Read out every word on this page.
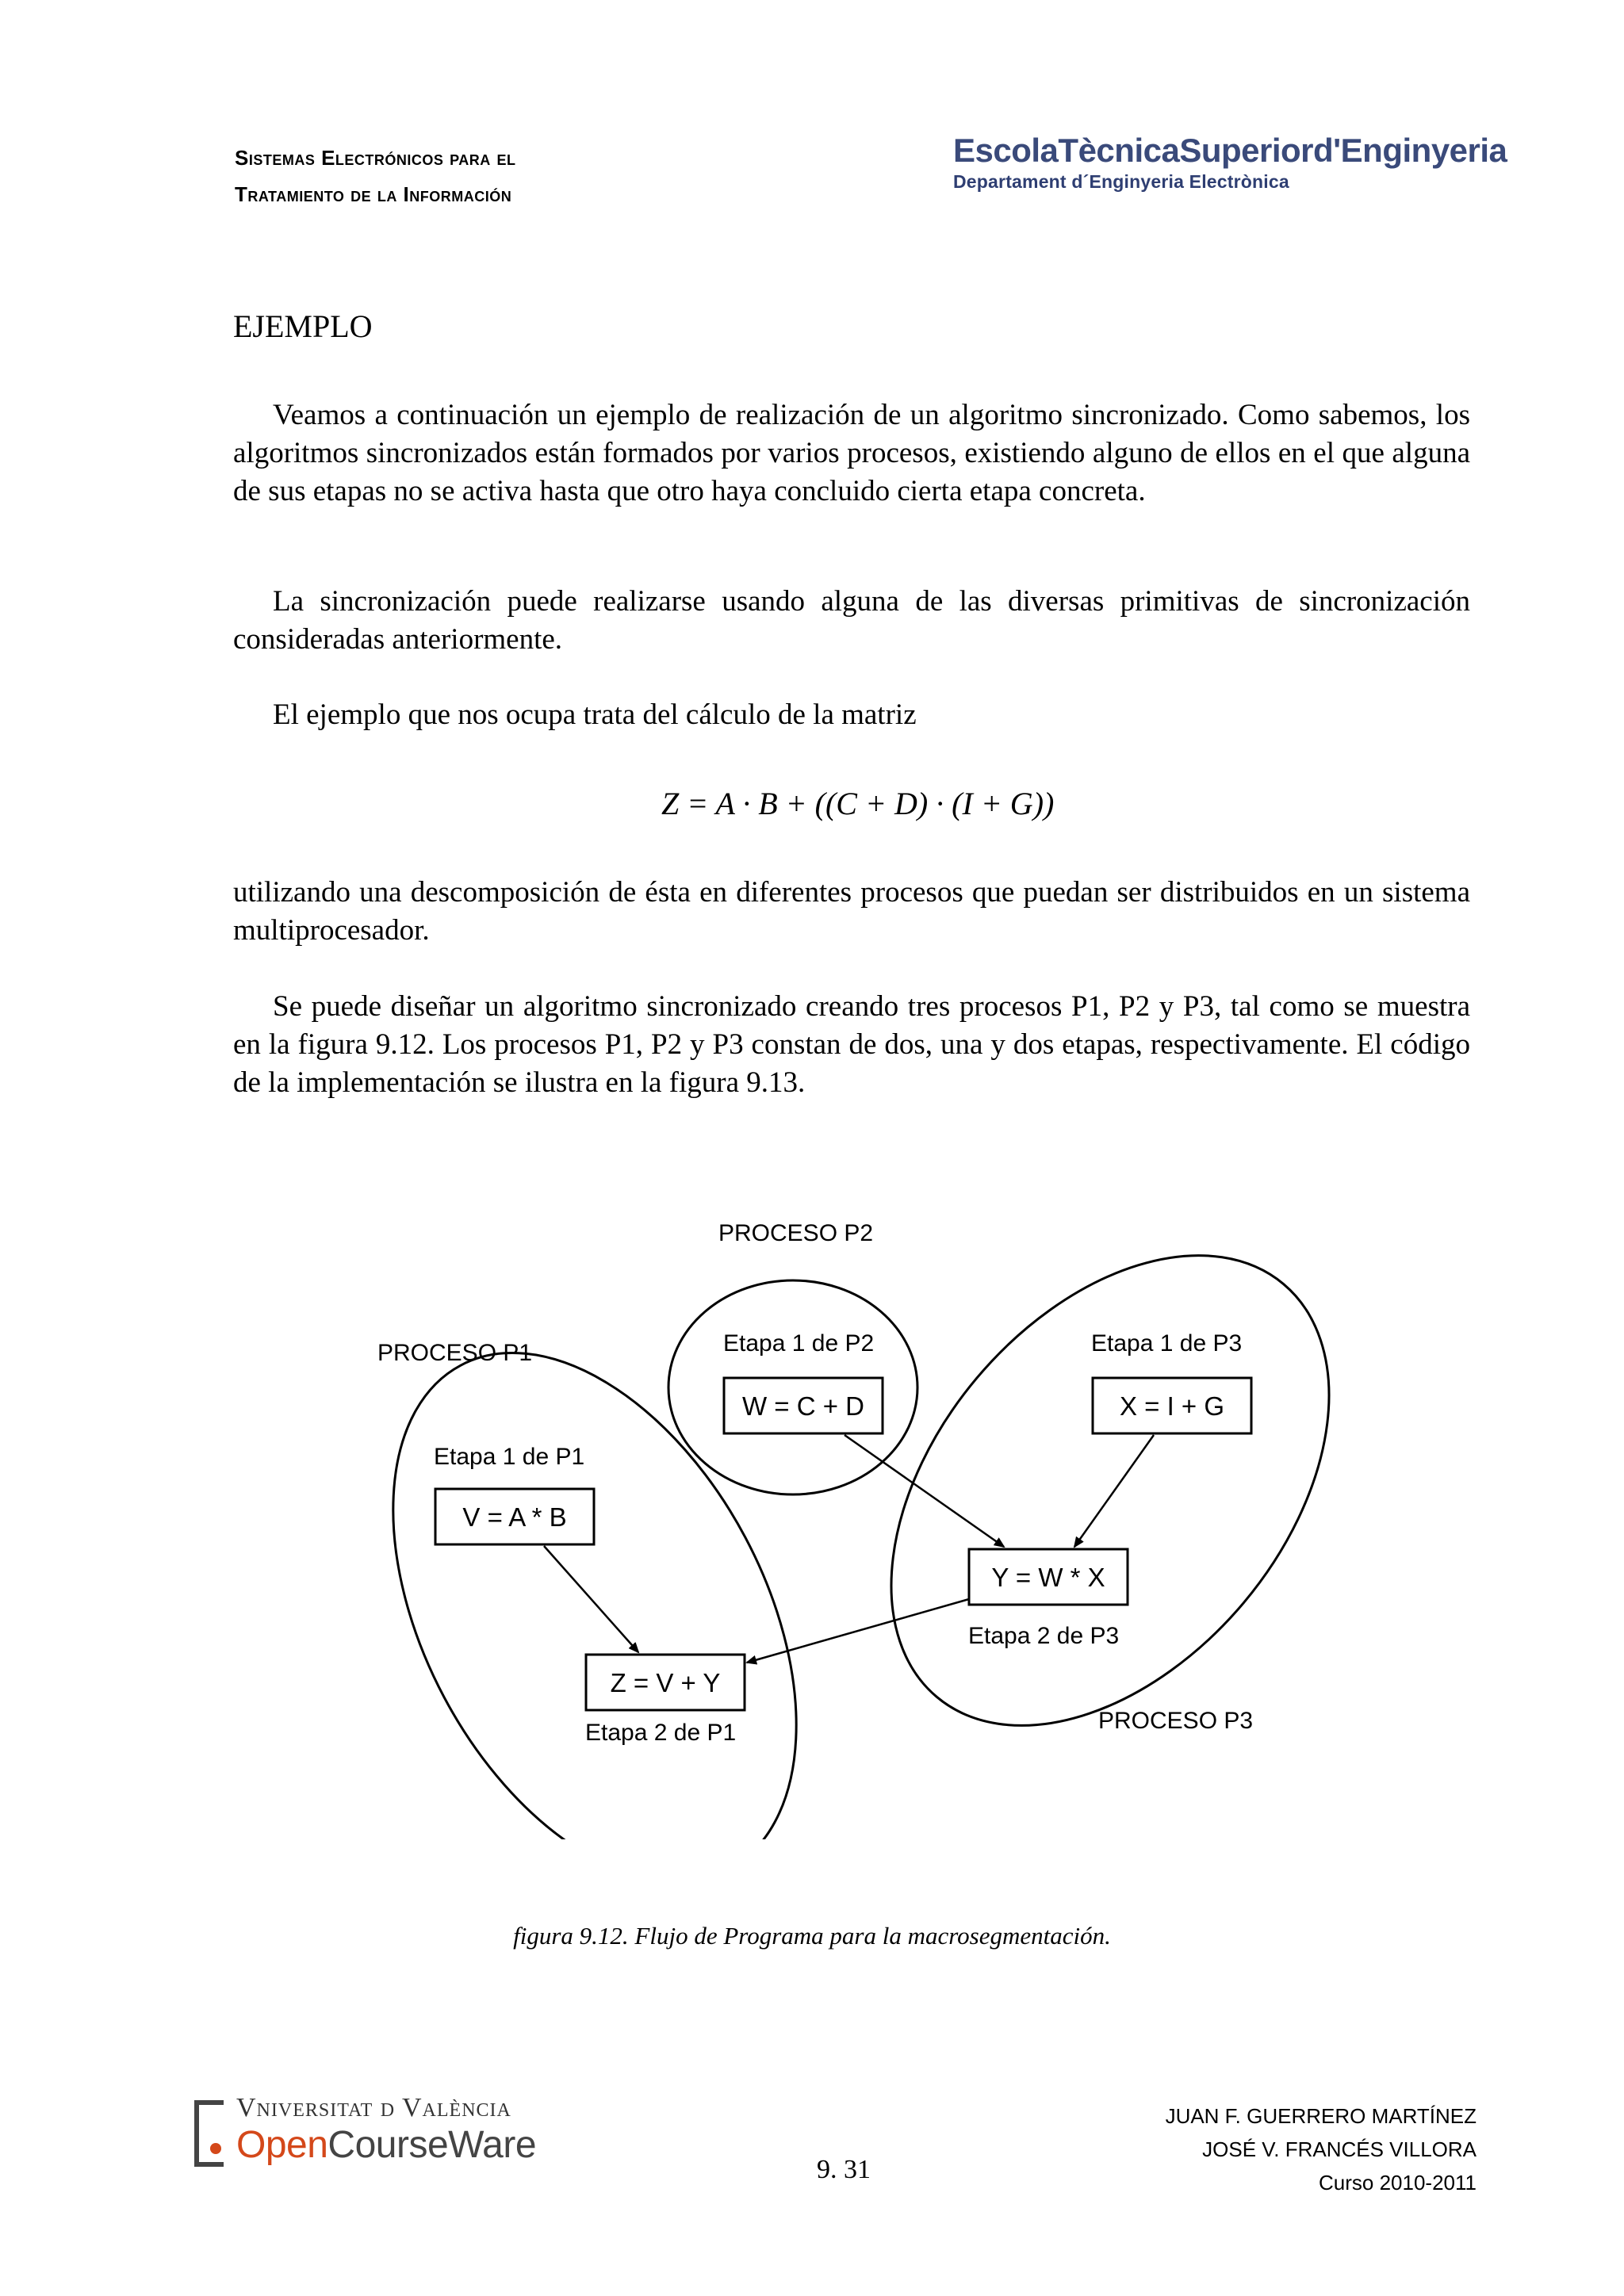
Sistemas Electrónicos para el
Tratamiento de la Información
EscolaTècnicaSuperiord'Enginyeria
Departament d´Enginyeria Electrònica
EJEMPLO
Veamos a continuación un ejemplo de realización de un algoritmo sincronizado. Como sabemos, los algoritmos sincronizados están formados por varios procesos, existiendo alguno de ellos en el que alguna de sus etapas no se activa hasta que otro haya concluido cierta etapa concreta.
La sincronización puede realizarse usando alguna de las diversas primitivas de sincronización consideradas anteriormente.
El ejemplo que nos ocupa trata del cálculo de la matriz
Z = A · B + ((C + D) · (I + G))
utilizando una descomposición de ésta en diferentes procesos que puedan ser distribuidos en un sistema multiprocesador.
Se puede diseñar un algoritmo sincronizado creando tres procesos P1, P2 y P3, tal como se muestra en la figura 9.12. Los procesos P1, P2 y P3 constan de dos, una y dos etapas, respectivamente. El código de la implementación se ilustra en la figura 9.13.
PROCESO P2
PROCESO P1
PROCESO P3
Etapa 1 de P2	Etapa 1 de P3
Etapa 1 de P1
Etapa 2 de P3
Etapa 2 de P1
W = C + D	X = I + G
V = A * B
Y = W * X
Z = V + Y
figura 9.12. Flujo de Programa para la macrosegmentación.
Vniversitat d València
OpenCourseWare
9. 31
JUAN F. GUERRERO MARTÍNEZ
JOSÉ V. FRANCÉS VILLORA
Curso 2010-2011
